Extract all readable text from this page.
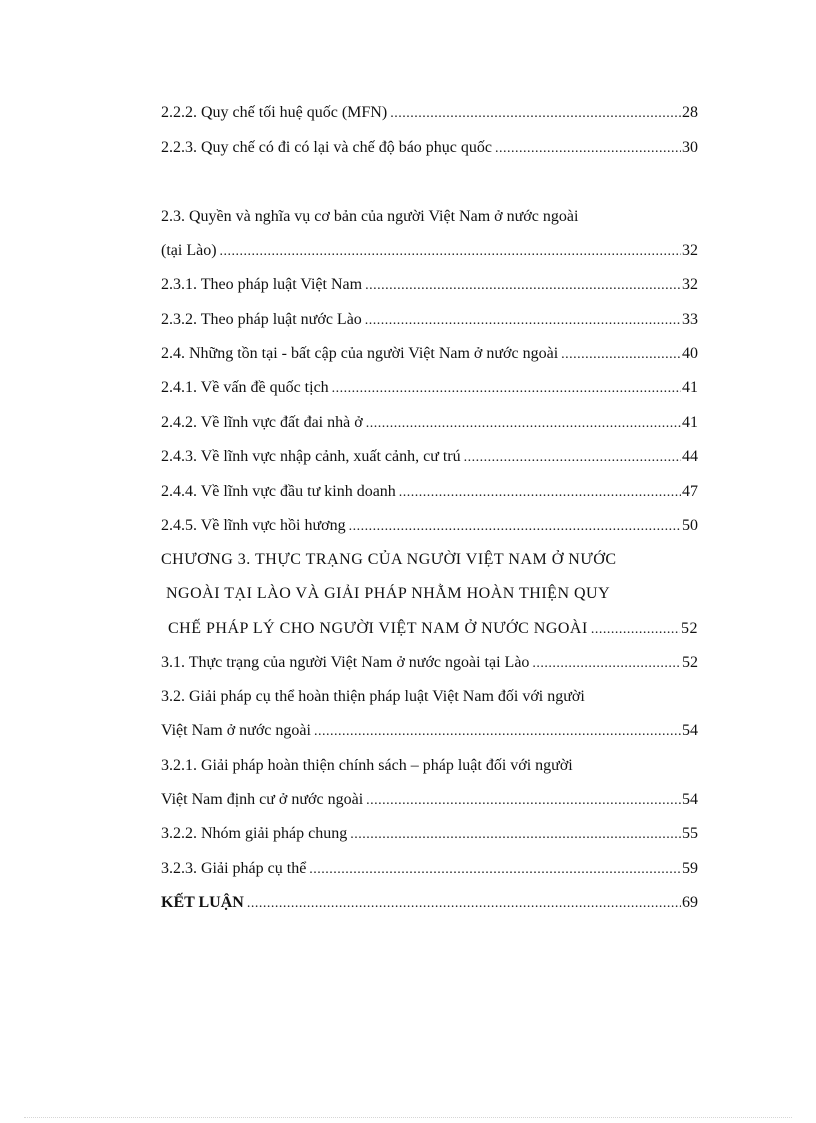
2.2.2. Quy chế tối huệ quốc (MFN) .....	28
2.2.3. Quy chế có đi có lại và chế độ báo phục quốc .....	30
2.3. Quyền và nghĩa vụ cơ bản của người Việt Nam ở nước ngoài
(tại Lào) .....	32
2.3.1. Theo pháp luật Việt Nam .....	32
2.3.2. Theo pháp luật nước Lào .....	33
2.4. Những tồn tại - bất cập của người Việt Nam ở nước ngoài .....	40
2.4.1. Về vấn đề quốc tịch .....	41
2.4.2. Về lĩnh vực đất đai nhà ở .....	41
2.4.3. Về lĩnh vực nhập cảnh, xuất cảnh, cư trú .....	44
2.4.4. Về lĩnh vực đầu tư kinh doanh .....	47
2.4.5. Về lĩnh vực hồi hương .....	50
CHƯƠNG 3. THỰC TRẠNG CỦA NGƯỜI VIỆT NAM Ở NƯỚC
NGOÀI TẠI LÀO VÀ GIẢI PHÁP NHẰM HOÀN THIỆN QUY
CHẾ PHÁP LÝ CHO NGƯỜI VIỆT NAM Ở NƯỚC NGOÀI .....	52
3.1. Thực trạng của người Việt Nam ở nước ngoài tại Lào .....	52
3.2. Giải pháp cụ thể hoàn thiện pháp luật Việt Nam đối với người
Việt Nam ở nước ngoài .....	54
3.2.1. Giải pháp hoàn thiện chính sách – pháp luật đối với người
Việt Nam định cư ở nước ngoài .....	54
3.2.2. Nhóm giải pháp chung .....	55
3.2.3. Giải pháp cụ thể .....	59
KẾT LUẬN .....	69
